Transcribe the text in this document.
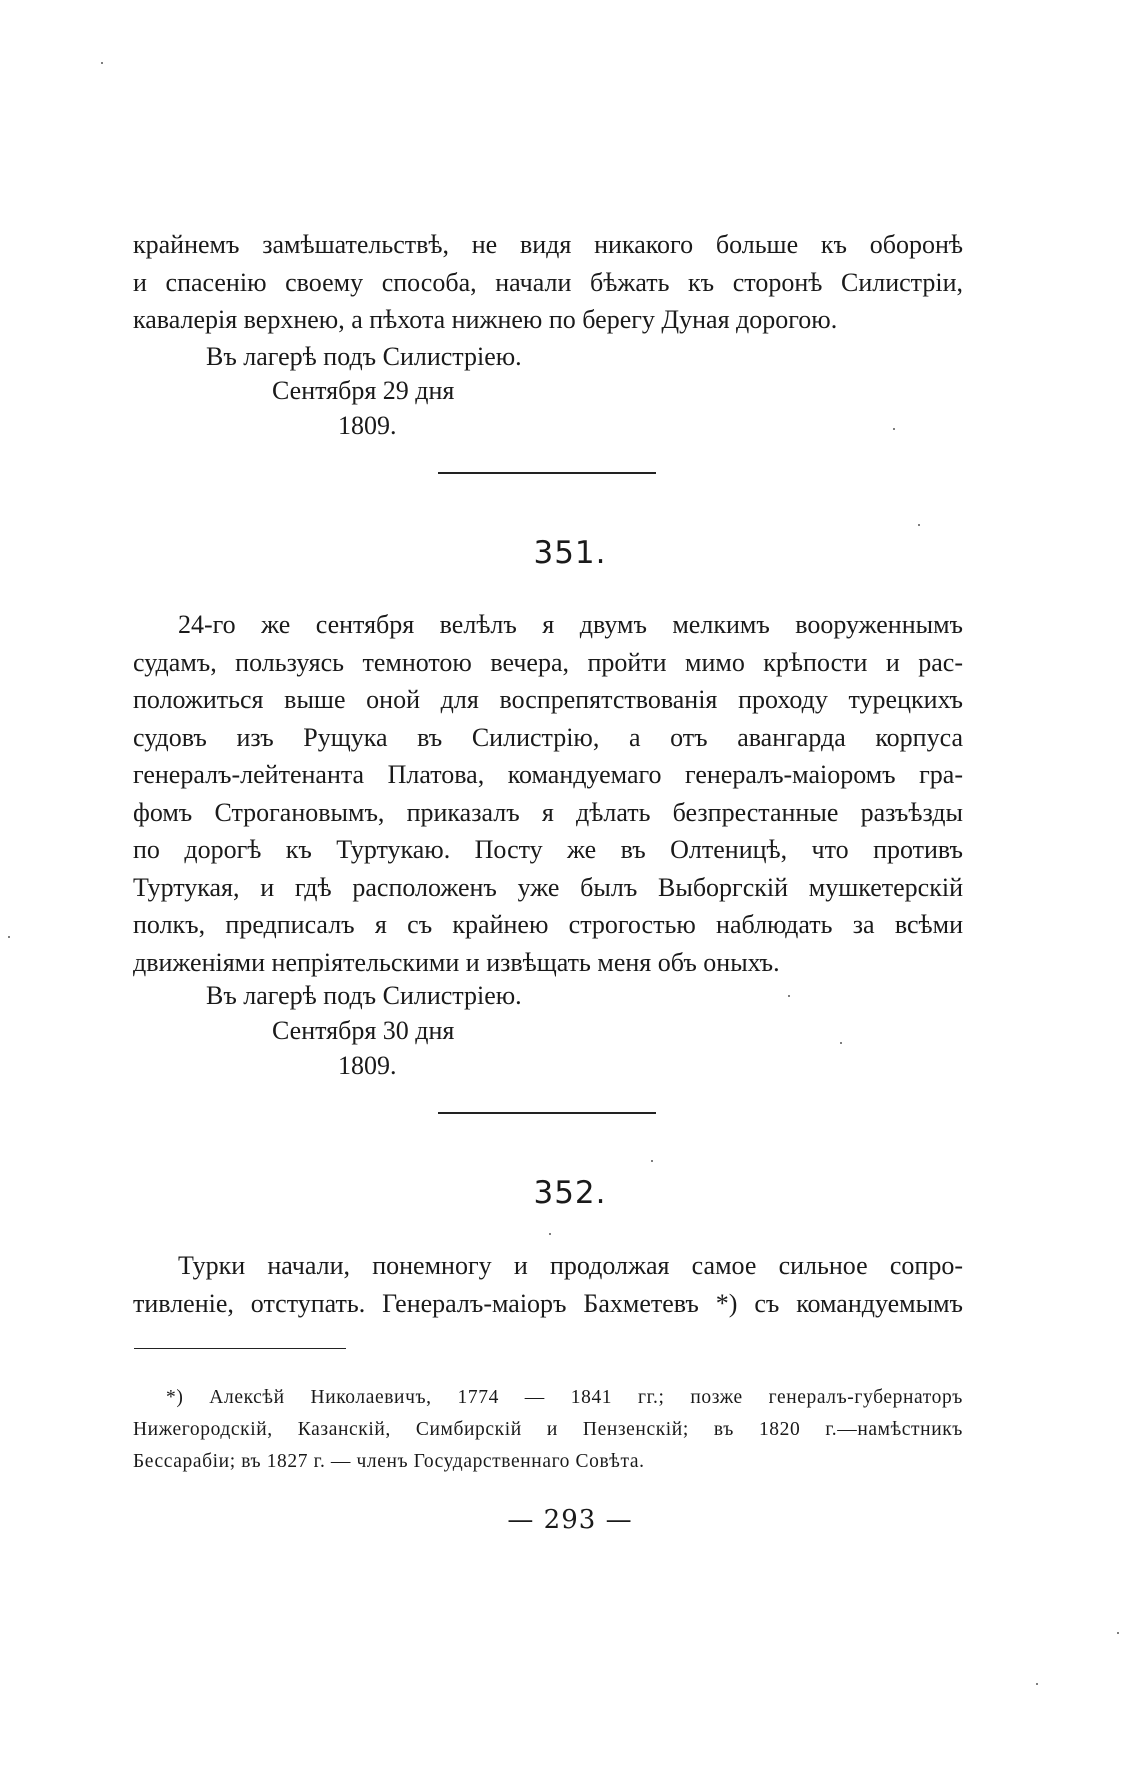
крайнемъ замѣшательствѣ, не видя никакого больше къ оборонѣ
и спасенію своему способа, начали бѣжать къ сторонѣ Силистріи,
кавалерія верхнею, а пѣхота нижнею по берегу Дуная дорогою.
Въ лагерѣ подъ Силистріею.
Сентября 29 дня
1809.
351.
24-го же сентября велѣлъ я двумъ мелкимъ вооруженнымъ
судамъ, пользуясь темнотою вечера, пройти мимо крѣпости и рас-
положиться выше оной для воспрепятствованія проходу турецкихъ
судовъ изъ Рущука въ Силистрію, а отъ авангарда корпуса
генералъ-лейтенанта Платова, командуемаго генералъ-маіоромъ гра-
фомъ Строгановымъ, приказалъ я дѣлать безпрестанные разъѣзды
по дорогѣ къ Туртукаю. Посту же въ Олтеницѣ, что противъ
Туртукая, и гдѣ расположенъ уже былъ Выборгскій мушкетерскій
полкъ, предписалъ я съ крайнею строгостью наблюдать за всѣми
движеніями непріятельскими и извѣщать меня объ оныхъ.
Въ лагерѣ подъ Силистріею.
Сентября 30 дня
1809.
352.
Турки начали, понемногу и продолжая самое сильное сопро-
тивленіе, отступать. Генералъ-маіоръ Бахметевъ *) съ командуемымъ
*) Алексѣй Николаевичъ, 1774 — 1841 гг.; позже генералъ-губернаторъ
Нижегородскій, Казанскій, Симбирскій и Пензенскій; въ 1820 г.—намѣстникъ
Бессарабіи; въ 1827 г. — членъ Государственнаго Совѣта.
— 293 —
